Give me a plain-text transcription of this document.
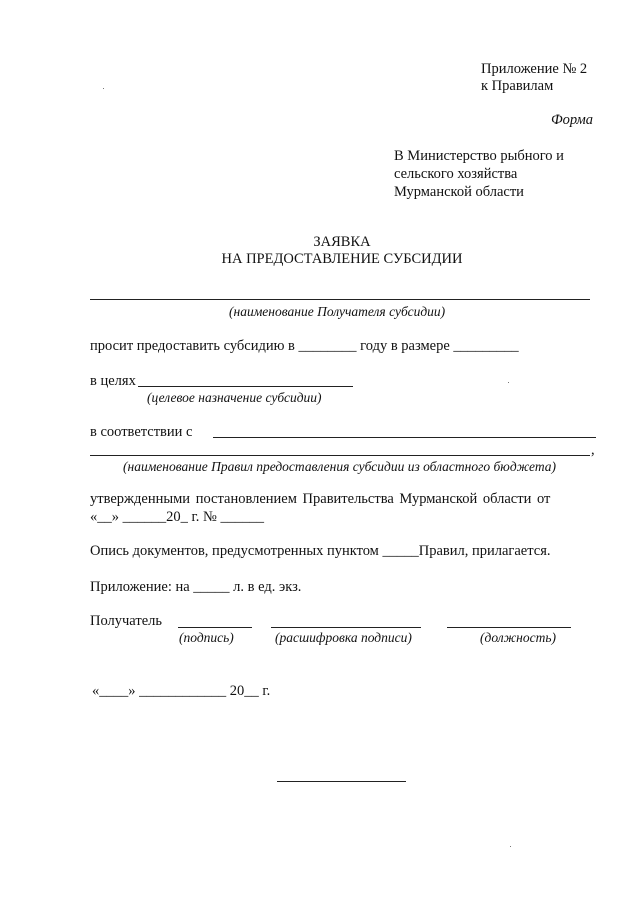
Приложение № 2
к Правилам
Форма
В Министерство рыбного и
сельского хозяйства
Мурманской области
ЗАЯВКА
НА ПРЕДОСТАВЛЕНИЕ СУБСИДИИ
(наименование Получателя субсидии)
просит предоставить субсидию в ________ году в размере _________
в целях
(целевое назначение субсидии)
в соответствии с
,
(наименование Правил предоставления субсидии из областного бюджета)
утвержденными постановлением Правительства Мурманской области от
«__» ______20_ г. № ______
Опись документов, предусмотренных пунктом _____Правил, прилагается.
Приложение: на _____ л. в ед. экз.
Получатель
(подпись)	(расшифровка подписи)	(должность)
«____» ____________ 20__ г.
